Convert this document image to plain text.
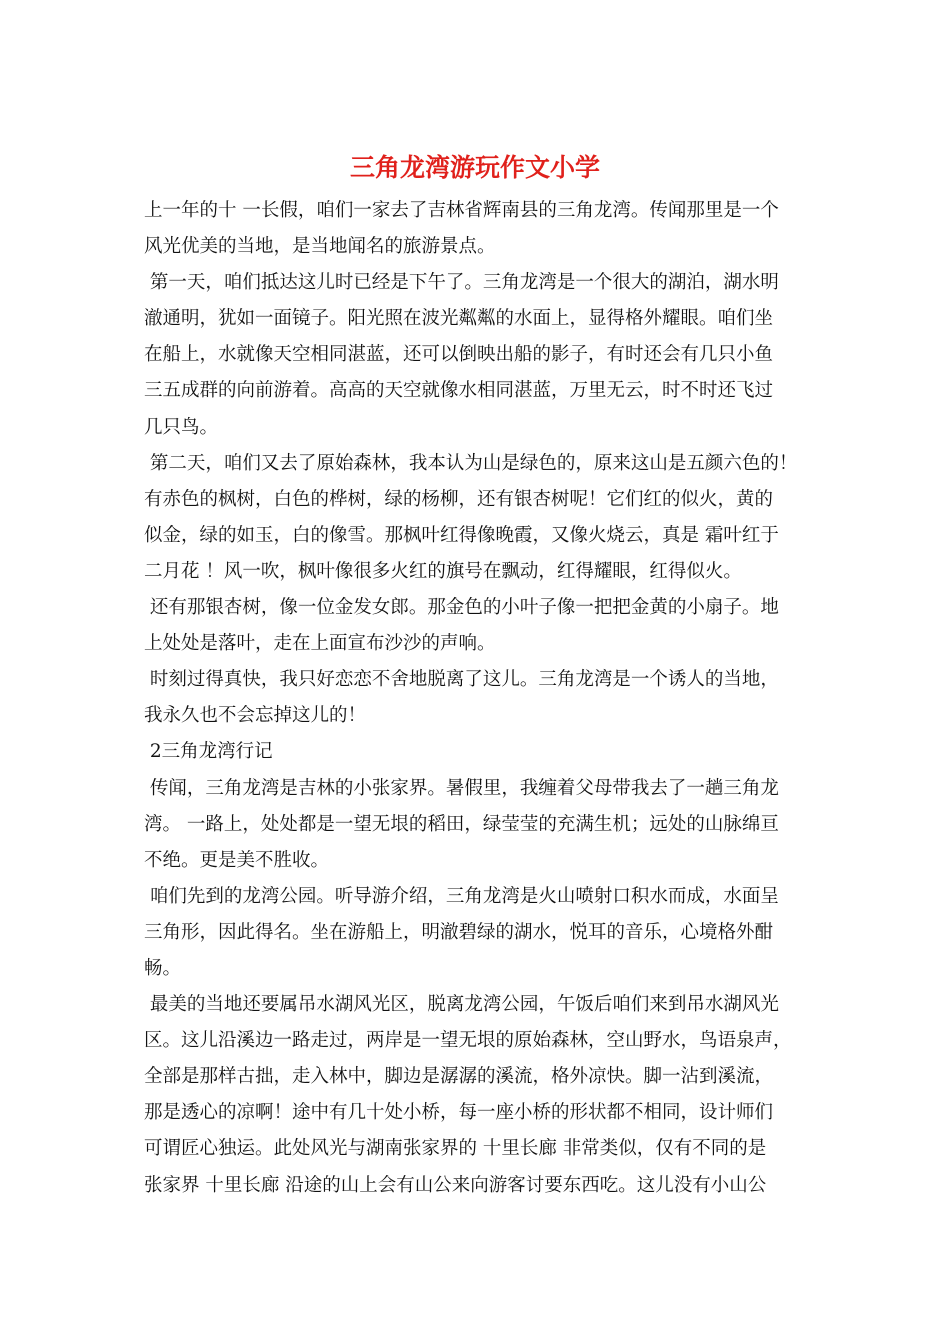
三角龙湾游玩作文小学
上一年的十 一长假，咱们一家去了吉林省辉南县的三角龙湾。传闻那里是一个
风光优美的当地，是当地闻名的旅游景点。
第一天，咱们抵达这儿时已经是下午了。三角龙湾是一个很大的湖泊，湖水明
澈通明，犹如一面镜子。阳光照在波光粼粼的水面上，显得格外耀眼。咱们坐
在船上，水就像天空相同湛蓝，还可以倒映出船的影子，有时还会有几只小鱼
三五成群的向前游着。高高的天空就像水相同湛蓝，万里无云，时不时还飞过
几只鸟。
第二天，咱们又去了原始森林，我本认为山是绿色的，原来这山是五颜六色的！
有赤色的枫树，白色的桦树，绿的杨柳，还有银杏树呢！它们红的似火，黄的
似金，绿的如玉，白的像雪。那枫叶红得像晚霞，又像火烧云，真是 霜叶红于
二月花 ！风一吹，枫叶像很多火红的旗号在飘动，红得耀眼，红得似火。
还有那银杏树，像一位金发女郎。那金色的小叶子像一把把金黄的小扇子。地
上处处是落叶，走在上面宣布沙沙的声响。
时刻过得真快，我只好恋恋不舍地脱离了这儿。三角龙湾是一个诱人的当地，
我永久也不会忘掉这儿的！
2三角龙湾行记
传闻，三角龙湾是吉林的小张家界。暑假里，我缠着父母带我去了一趟三角龙
湾。 一路上，处处都是一望无垠的稻田，绿莹莹的充满生机；远处的山脉绵亘
不绝。更是美不胜收。
咱们先到的龙湾公园。听导游介绍，三角龙湾是火山喷射口积水而成，水面呈
三角形，因此得名。坐在游船上，明澈碧绿的湖水，悦耳的音乐，心境格外酣
畅。
最美的当地还要属吊水湖风光区，脱离龙湾公园，午饭后咱们来到吊水湖风光
区。这儿沿溪边一路走过，两岸是一望无垠的原始森林，空山野水，鸟语泉声，
全部是那样古拙，走入林中，脚边是潺潺的溪流，格外凉快。脚一沾到溪流，
那是透心的凉啊！途中有几十处小桥，每一座小桥的形状都不相同，设计师们
可谓匠心独运。此处风光与湖南张家界的 十里长廊 非常类似，仅有不同的是
张家界 十里长廊 沿途的山上会有山公来向游客讨要东西吃。这儿没有小山公
